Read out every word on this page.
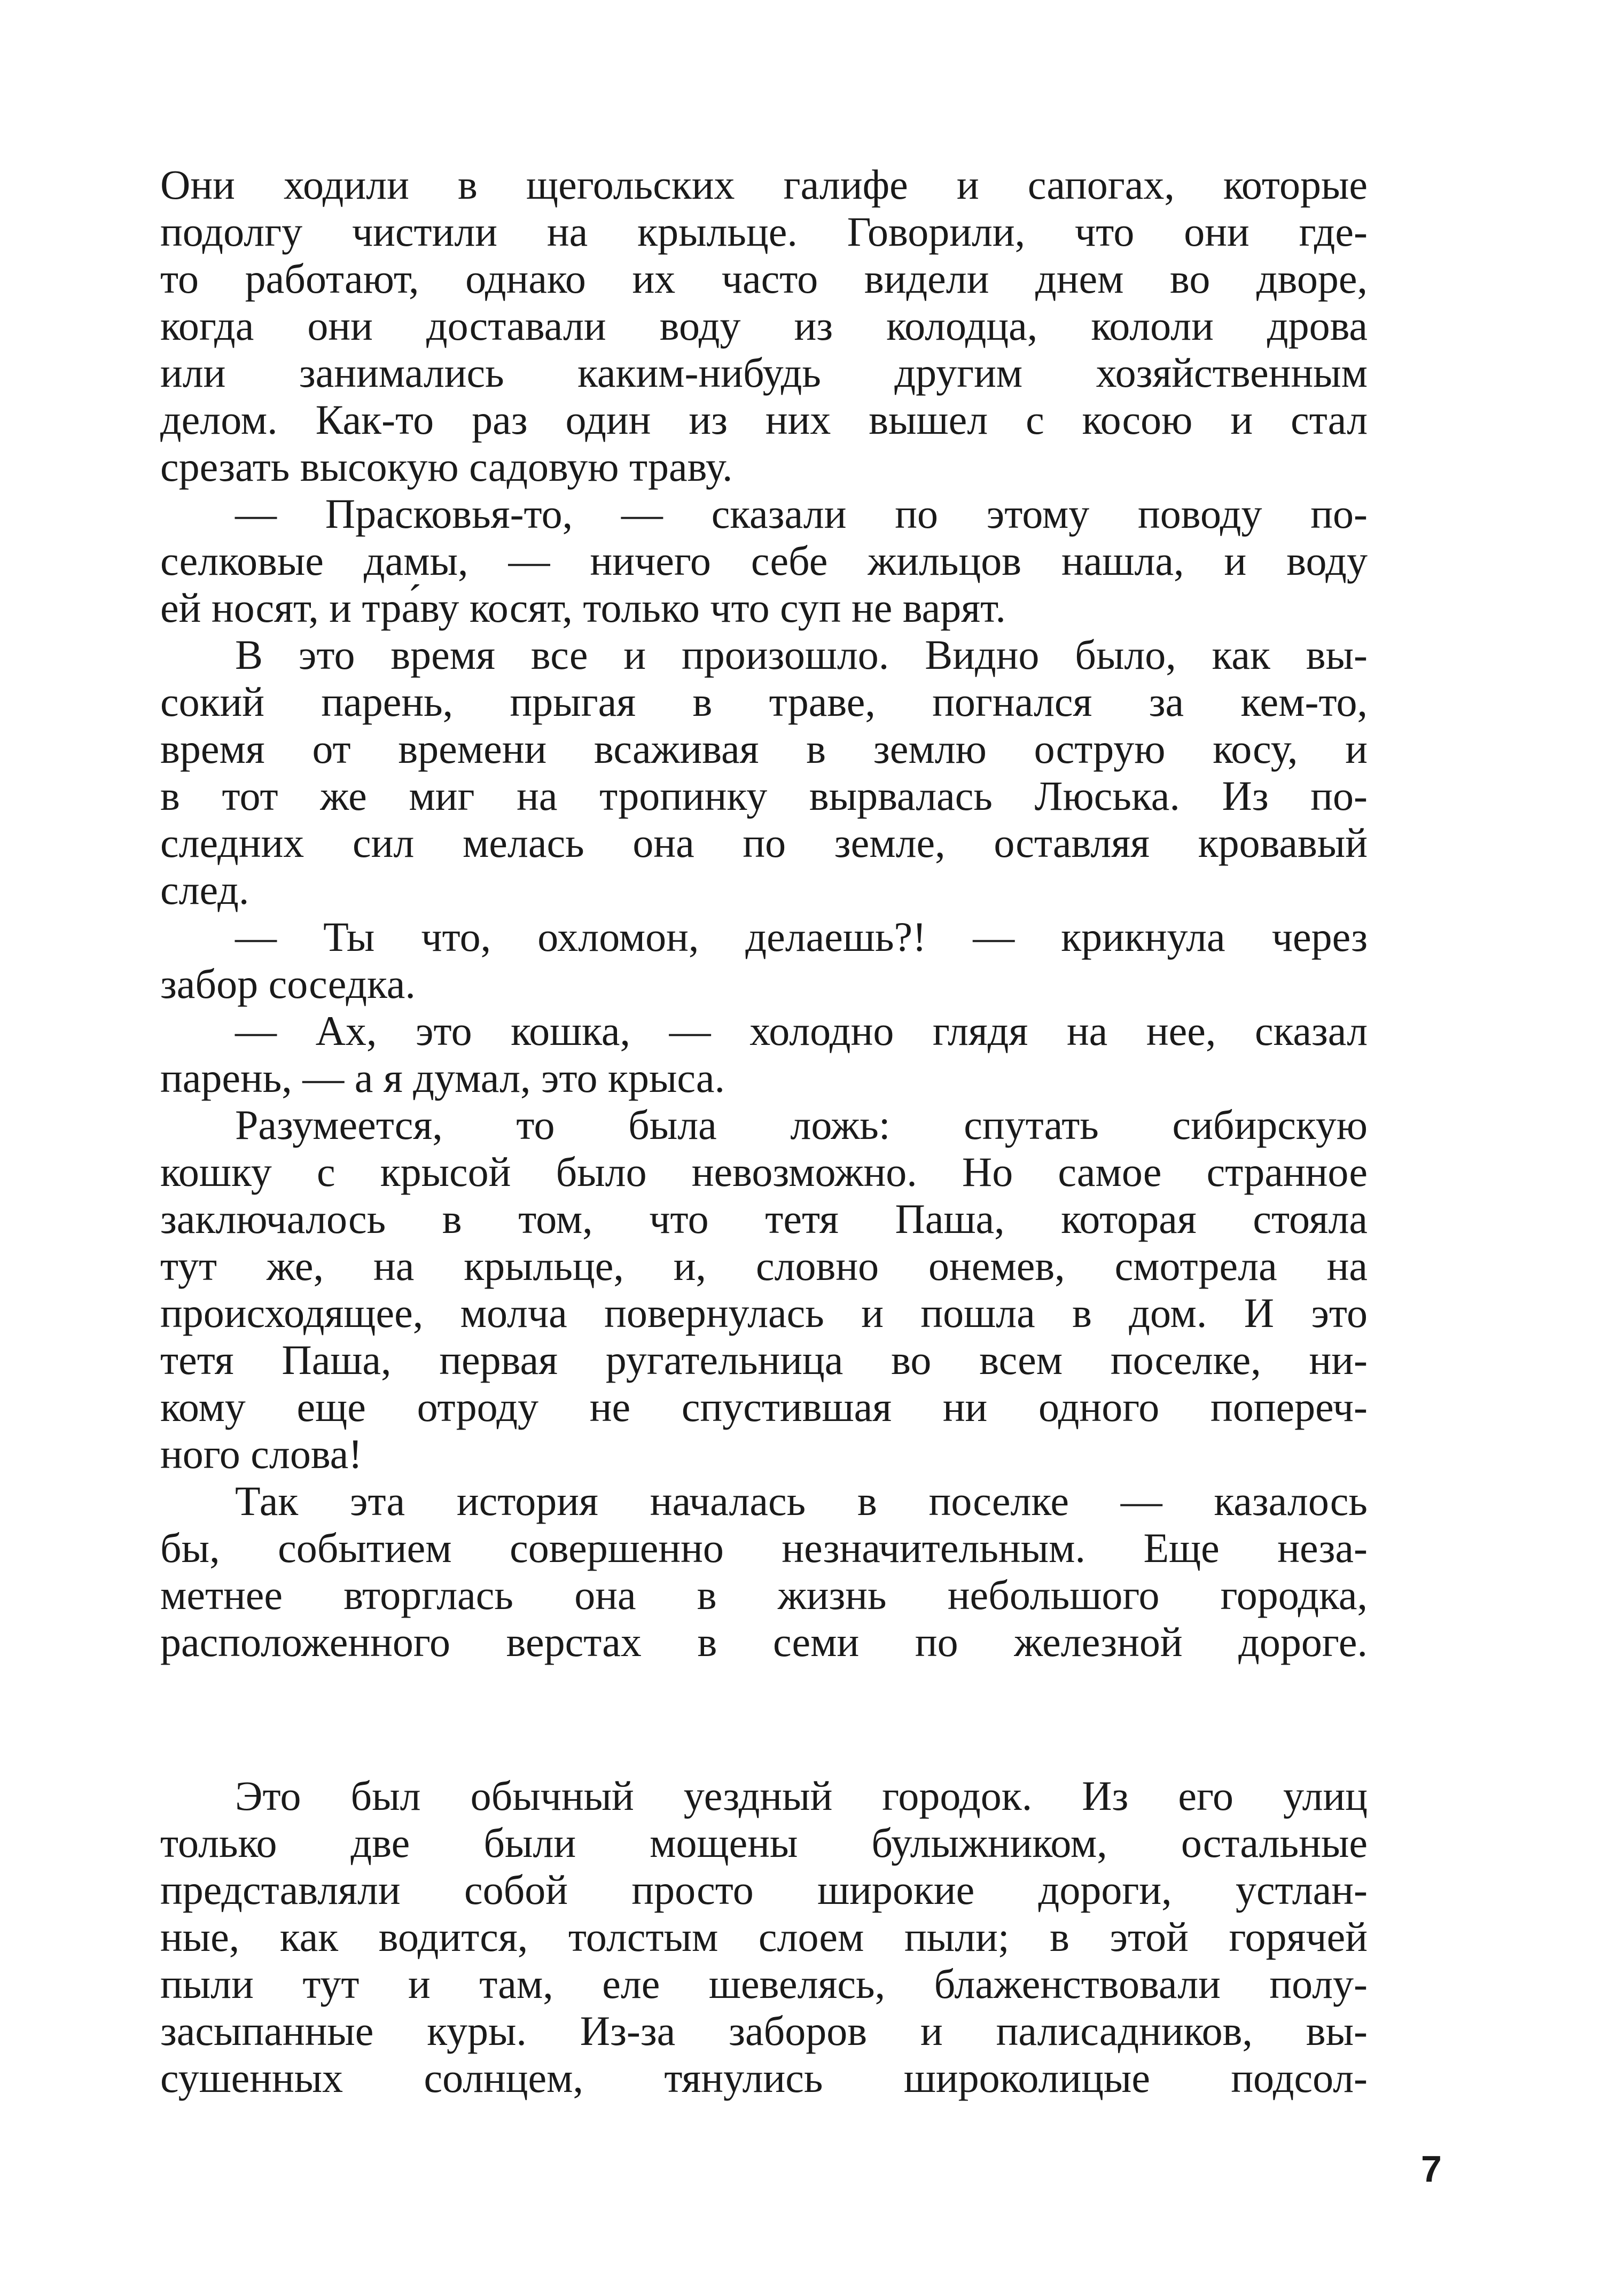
Они ходили в щегольских галифе и сапогах, которые
подолгу чистили на крыльце. Говорили, что они где-
то работают, однако их часто видели днем во дворе,
когда они доставали воду из колодца, кололи дрова
или занимались каким-нибудь другим хозяйственным
делом. Как-то раз один из них вышел с косою и стал
срезать высокую садовую траву.
— Прасковья-то, — сказали по этому поводу по-
селковые дамы, — ничего себе жильцов нашла, и воду
ей носят, и тра́ву косят, только что суп не варят.
В это время все и произошло. Видно было, как вы-
сокий парень, прыгая в траве, погнался за кем-то,
время от времени всаживая в землю острую косу, и
в тот же миг на тропинку вырвалась Люська. Из по-
следних сил мелась она по земле, оставляя кровавый
след.
— Ты что, охломон, делаешь?! — крикнула через
забор соседка.
— Ах, это кошка, — холодно глядя на нее, сказал
парень, — а я думал, это крыса.
Разумеется, то была ложь: спутать сибирскую
кошку с крысой было невозможно. Но самое странное
заключалось в том, что тетя Паша, которая стояла
тут же, на крыльце, и, словно онемев, смотрела на
происходящее, молча повернулась и пошла в дом. И это
тетя Паша, первая ругательница во всем поселке, ни-
кому еще отроду не спустившая ни одного попереч-
ного слова!
Так эта история началась в поселке — казалось
бы, событием совершенно незначительным. Еще неза-
метнее вторглась она в жизнь небольшого городка,
расположенного верстах в семи по железной дороге.
Это был обычный уездный городок. Из его улиц
только две были мощены булыжником, остальные
представляли собой просто широкие дороги, устлан-
ные, как водится, толстым слоем пыли; в этой горячей
пыли тут и там, еле шевелясь, блаженствовали полу-
засыпанные куры. Из-за заборов и палисадников, вы-
сушенных солнцем, тянулись широколицые подсол-
7
